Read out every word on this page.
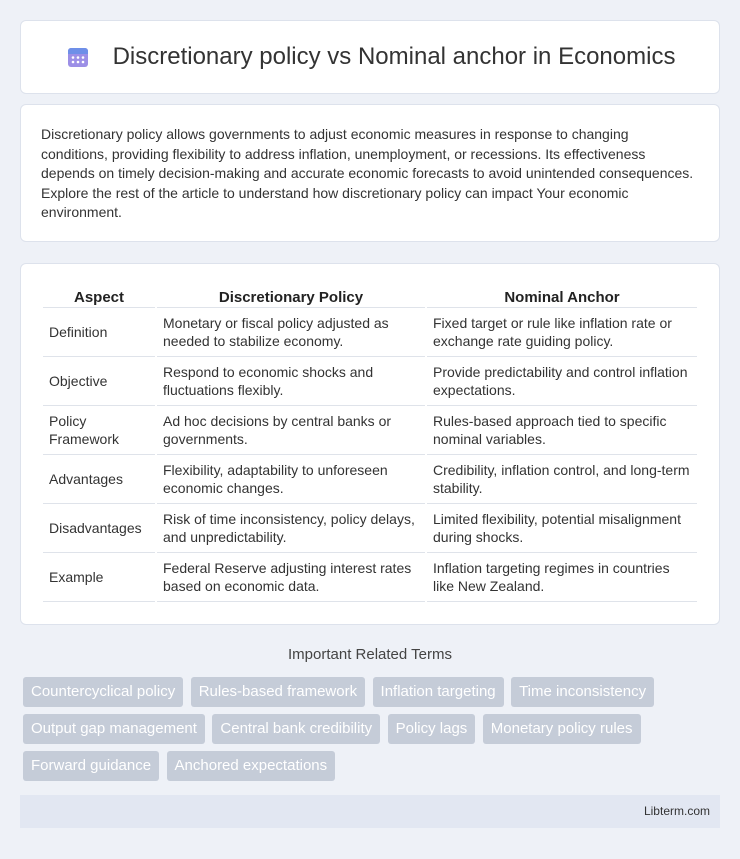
Discretionary policy vs Nominal anchor in Economics

Discretionary policy allows governments to adjust economic measures in response to changing conditions, providing flexibility to address inflation, unemployment, or recessions. Its effectiveness depends on timely decision-making and accurate economic forecasts to avoid unintended consequences. Explore the rest of the article to understand how discretionary policy can impact Your economic environment.

Aspect	Discretionary Policy	Nominal Anchor
Definition	Monetary or fiscal policy adjusted as needed to stabilize economy.	Fixed target or rule like inflation rate or exchange rate guiding policy.
Objective	Respond to economic shocks and fluctuations flexibly.	Provide predictability and control inflation expectations.
Policy Framework	Ad hoc decisions by central banks or governments.	Rules-based approach tied to specific nominal variables.
Advantages	Flexibility, adaptability to unforeseen economic changes.	Credibility, inflation control, and long-term stability.
Disadvantages	Risk of time inconsistency, policy delays, and unpredictability.	Limited flexibility, potential misalignment during shocks.
Example	Federal Reserve adjusting interest rates based on economic data.	Inflation targeting regimes in countries like New Zealand.
Important Related Terms
Countercyclical policy Rules-based framework Inflation targeting Time inconsistency Output gap management Central bank credibility Policy lags Monetary policy rules Forward guidance Anchored expectations
Libterm.com
